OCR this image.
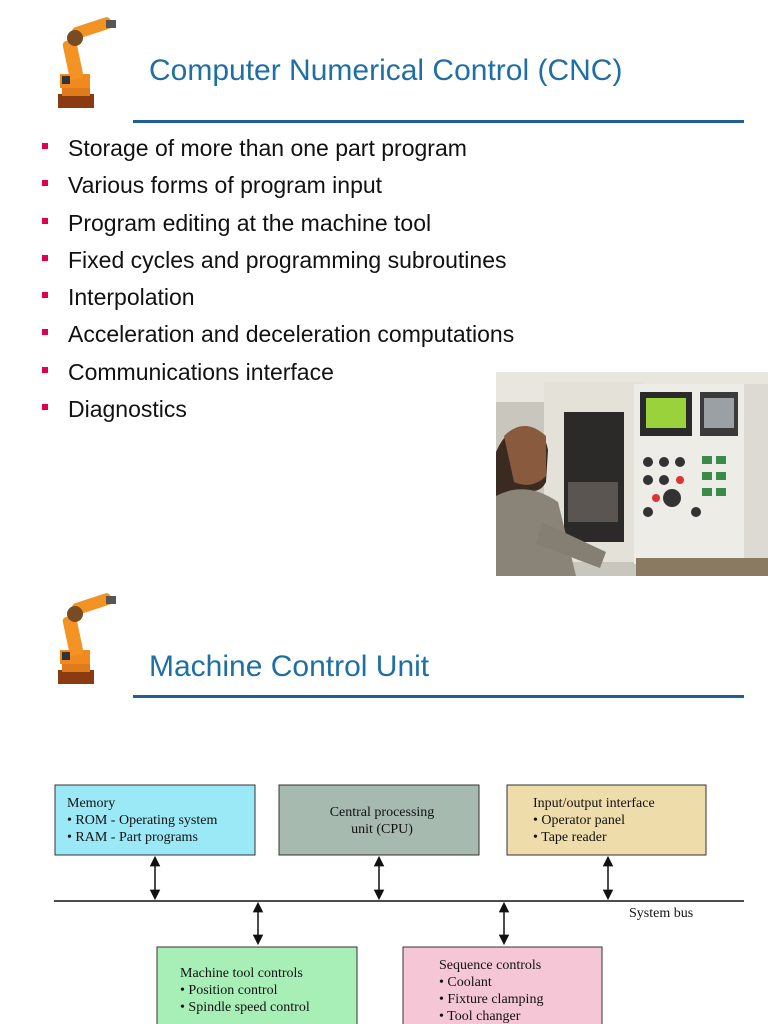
Computer Numerical Control (CNC)
Storage of more than one part program
Various forms of program input
Program editing at the machine tool
Fixed cycles and programming subroutines
Interpolation
Acceleration and deceleration computations
Communications interface
Diagnostics
Machine Control Unit
System bus
Memory
• ROM - Operating system
• RAM - Part programs
Central processing
unit (CPU)
Input/output interface
• Operator panel
• Tape reader
Machine tool controls
• Position control
• Spindle speed control
Sequence controls
• Coolant
• Fixture clamping
• Tool changer
